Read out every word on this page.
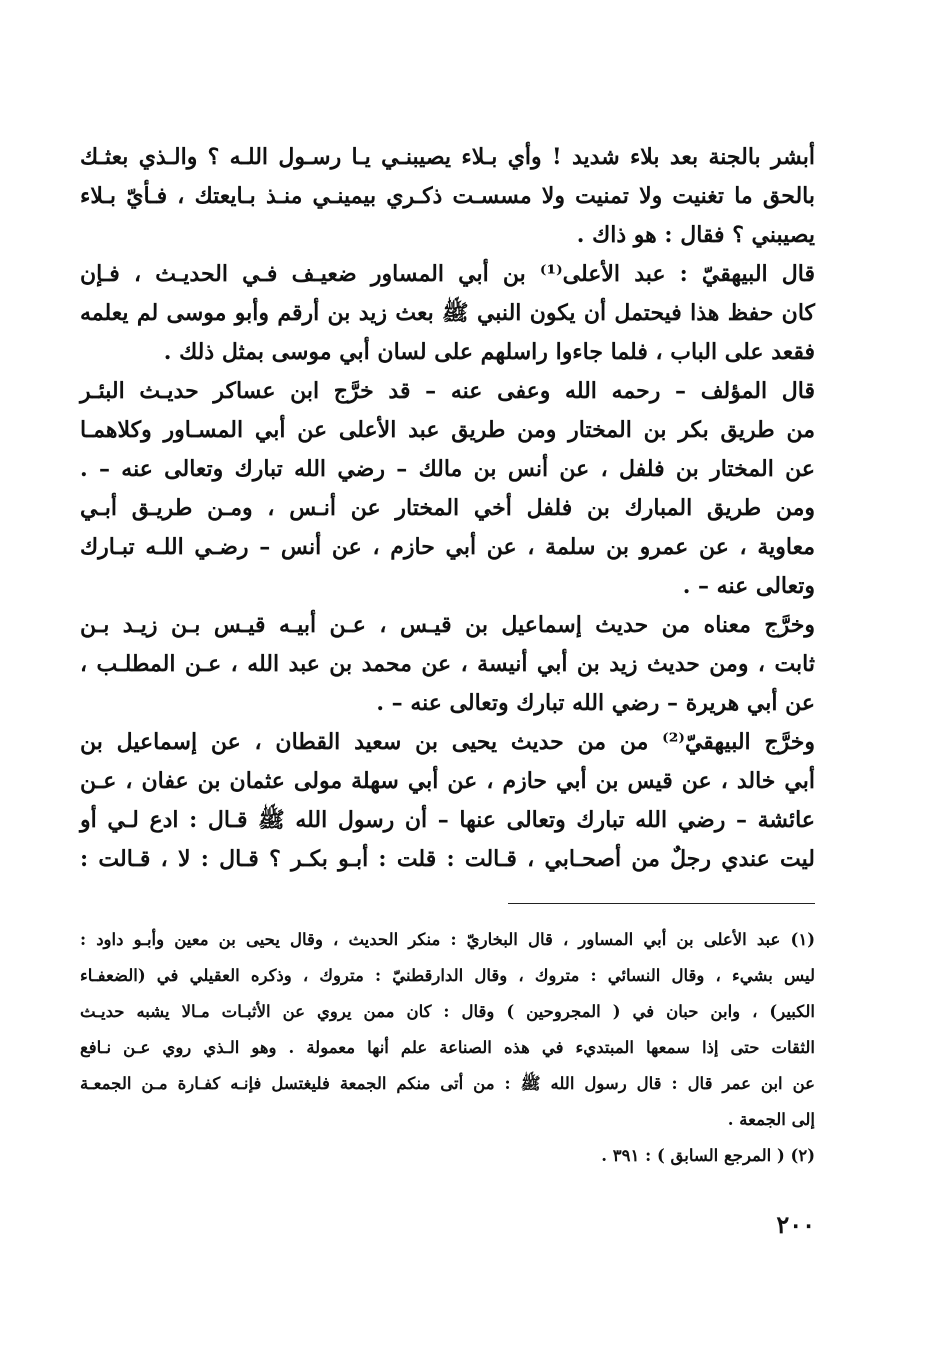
أبشر بالجنة بعد بلاء شديد ! وأي بـلاء يصيبنـي يـا رسـول اللـه ؟ والـذي بعثـك
بالحق ما تغنيت ولا تمنيت ولا مسسـت ذكـري بيمينـي منـذ بـايعتك ، فـأيّ بـلاء
يصيبني ؟ فقال : هو ذاك .
قال البيهقيّ : عبد الأعلى⁽¹⁾ بن أبي المساور ضعيـف فـي الحديـث ، فـإن
كان حفظ هذا فيحتمل أن يكون النبي ﷺ بعث زيد بن أرقم وأبو موسى لم يعلمه
فقعد على الباب ، فلما جاءوا راسلهم على لسان أبي موسى بمثل ذلك .
قال المؤلف – رحمه الله وعفى عنه – قد خرَّج ابن عساكر حديـث البئـر
من طريق بكر بن المختار ومن طريق عبد الأعلى عن أبي المسـاور وكلاهمـا
عن المختار بن فلفل ، عن أنس بن مالك – رضي الله تبارك وتعالى عنه – .
ومن طريق المبارك بن فلفل أخي المختار عن أنـس ، ومـن طريـق أبـي
معاوية ، عن عمرو بن سلمة ، عن أبي حازم ، عن أنس – رضـي اللـه تبـارك
وتعالى عنه – .
وخرَّج معناه من حديث إسماعيل بن قيـس ، عـن أبيـه قيـس بـن زيـد بـن
ثابت ، ومن حديث زيد بن أبي أنيسة ، عن محمد بن عبد الله ، عـن المطلـب ،
عن أبي هريرة – رضي الله تبارك وتعالى عنه – .
وخرَّج البيهقيّ⁽²⁾ من من حديث يحيى بن سعيد القطان ، عن إسماعيل بن
أبي خالد ، عن قيس بن أبي حازم ، عن أبي سهلة مولى عثمان بن عفان ، عـن
عائشة – رضي الله تبارك وتعالى عنها – أن رسول الله ﷺ قـال : ادع لـي أو
ليت عندي رجلٌ من أصحـابي ، قـالت : قلت : أبـو بكـر ؟ قـال : لا ، قـالت :
(١) عبد الأعلى بن أبي المساور ، قال البخاريّ : منكر الحديث ، وقال يحيى بن معين وأبـو داود :
ليس بشيء ، وقال النسائي : متروك ، وقال الدارقطنيّ : متروك ، وذكره العقيلي في (الضعفـاء
الكبير) ، وابن حبان في ( المجروحين ) وقال : كان ممن يروي عن الأثبـات مـالا يشبه حديـث
الثقات حتى إذا سمعها المبتديء في هذه الصناعة علم أنها معمولة . وهو الـذي روي عـن نـافع
عن ابن عمر قال : قال رسول الله ﷺ : من أتى منكم الجمعة فليغتسل فإنـه كفـارة مـن الجمعـة
إلى الجمعة .
(٢) ( المرجع السابق ) : ٣٩١ .
٢٠٠
